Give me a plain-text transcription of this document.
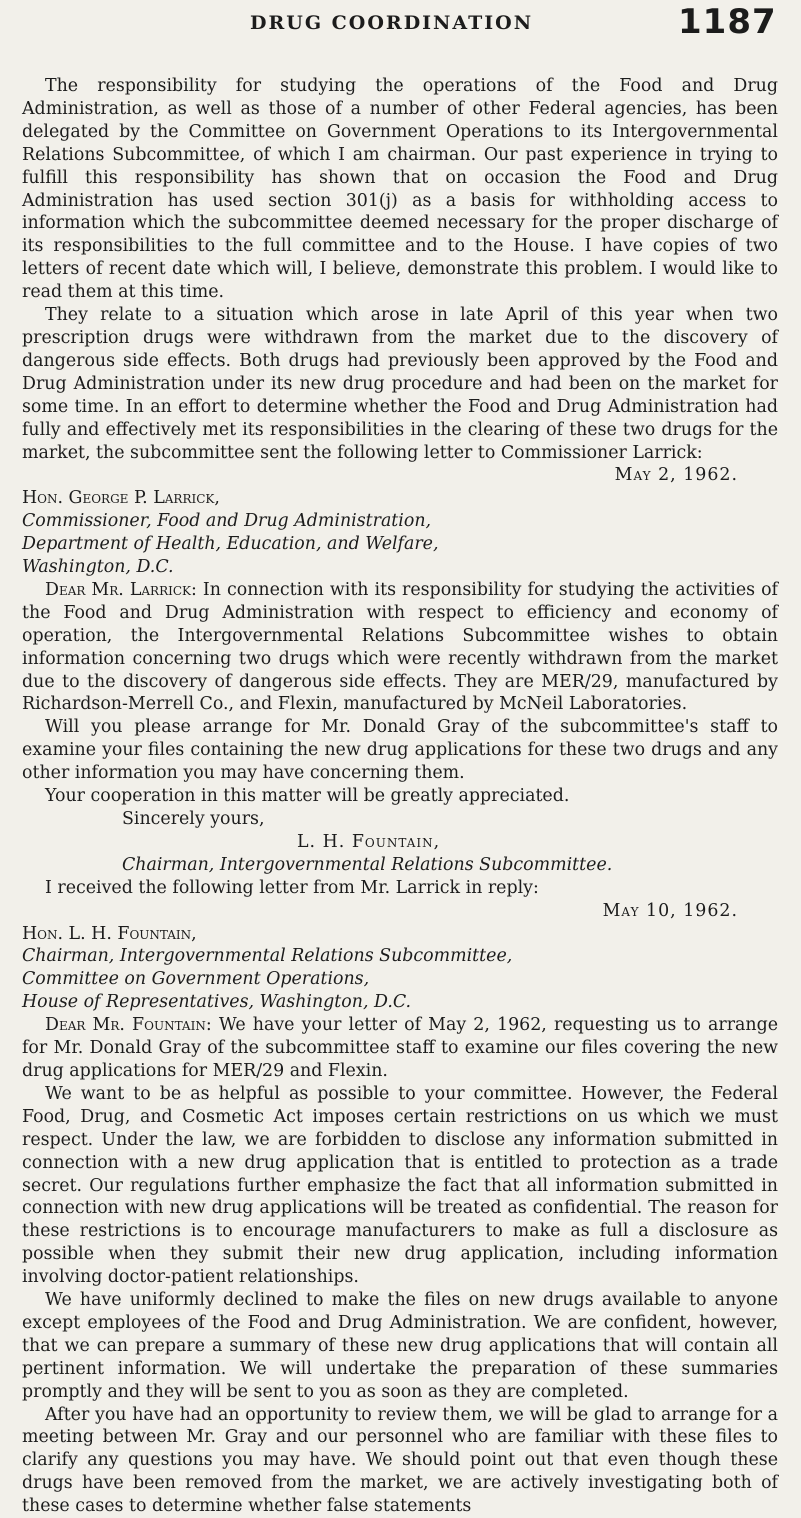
DRUG COORDINATION	1187

The responsibility for studying the operations of the Food and Drug Administration, as well as those of a number of other Federal agencies, has been delegated by the Committee on Government Operations to its Intergovernmental Relations Subcommittee, of which I am chairman. Our past experience in trying to fulfill this responsibility has shown that on occasion the Food and Drug Administration has used section 301(j) as a basis for withholding access to information which the subcommittee deemed necessary for the proper discharge of its responsibilities to the full committee and to the House. I have copies of two letters of recent date which will, I believe, demonstrate this problem. I would like to read them at this time.

They relate to a situation which arose in late April of this year when two prescription drugs were withdrawn from the market due to the discovery of dangerous side effects. Both drugs had previously been approved by the Food and Drug Administration under its new drug procedure and had been on the market for some time. In an effort to determine whether the Food and Drug Administration had fully and effectively met its responsibilities in the clearing of these two drugs for the market, the subcommittee sent the following letter to Commissioner Larrick:

May 2, 1962.

Hon. George P. Larrick,

Commissioner, Food and Drug Administration,

Department of Health, Education, and Welfare,

Washington, D.C.

Dear Mr. Larrick: In connection with its responsibility for studying the activities of the Food and Drug Administration with respect to efficiency and economy of operation, the Intergovernmental Relations Subcommittee wishes to obtain information concerning two drugs which were recently withdrawn from the market due to the discovery of dangerous side effects. They are MER/29, manufactured by Richardson-Merrell Co., and Flexin, manufactured by McNeil Laboratories.

Will you please arrange for Mr. Donald Gray of the subcommittee's staff to examine your files containing the new drug applications for these two drugs and any other information you may have concerning them.

Your cooperation in this matter will be greatly appreciated.

Sincerely yours,

L. H. Fountain,

Chairman, Intergovernmental Relations Subcommittee.

I received the following letter from Mr. Larrick in reply:

May 10, 1962.

Hon. L. H. Fountain,

Chairman, Intergovernmental Relations Subcommittee,

Committee on Government Operations,

House of Representatives, Washington, D.C.

Dear Mr. Fountain: We have your letter of May 2, 1962, requesting us to arrange for Mr. Donald Gray of the subcommittee staff to examine our files covering the new drug applications for MER/29 and Flexin.

We want to be as helpful as possible to your committee. However, the Federal Food, Drug, and Cosmetic Act imposes certain restrictions on us which we must respect. Under the law, we are forbidden to disclose any information submitted in connection with a new drug application that is entitled to protection as a trade secret. Our regulations further emphasize the fact that all information submitted in connection with new drug applications will be treated as confidential. The reason for these restrictions is to encourage manufacturers to make as full a disclosure as possible when they submit their new drug application, including information involving doctor-patient relationships.

We have uniformly declined to make the files on new drugs available to anyone except employees of the Food and Drug Administration. We are confident, however, that we can prepare a summary of these new drug applications that will contain all pertinent information. We will undertake the preparation of these summaries promptly and they will be sent to you as soon as they are completed.

After you have had an opportunity to review them, we will be glad to arrange for a meeting between Mr. Gray and our personnel who are familiar with these files to clarify any questions you may have. We should point out that even though these drugs have been removed from the market, we are actively investigating both of these cases to determine whether false statements
